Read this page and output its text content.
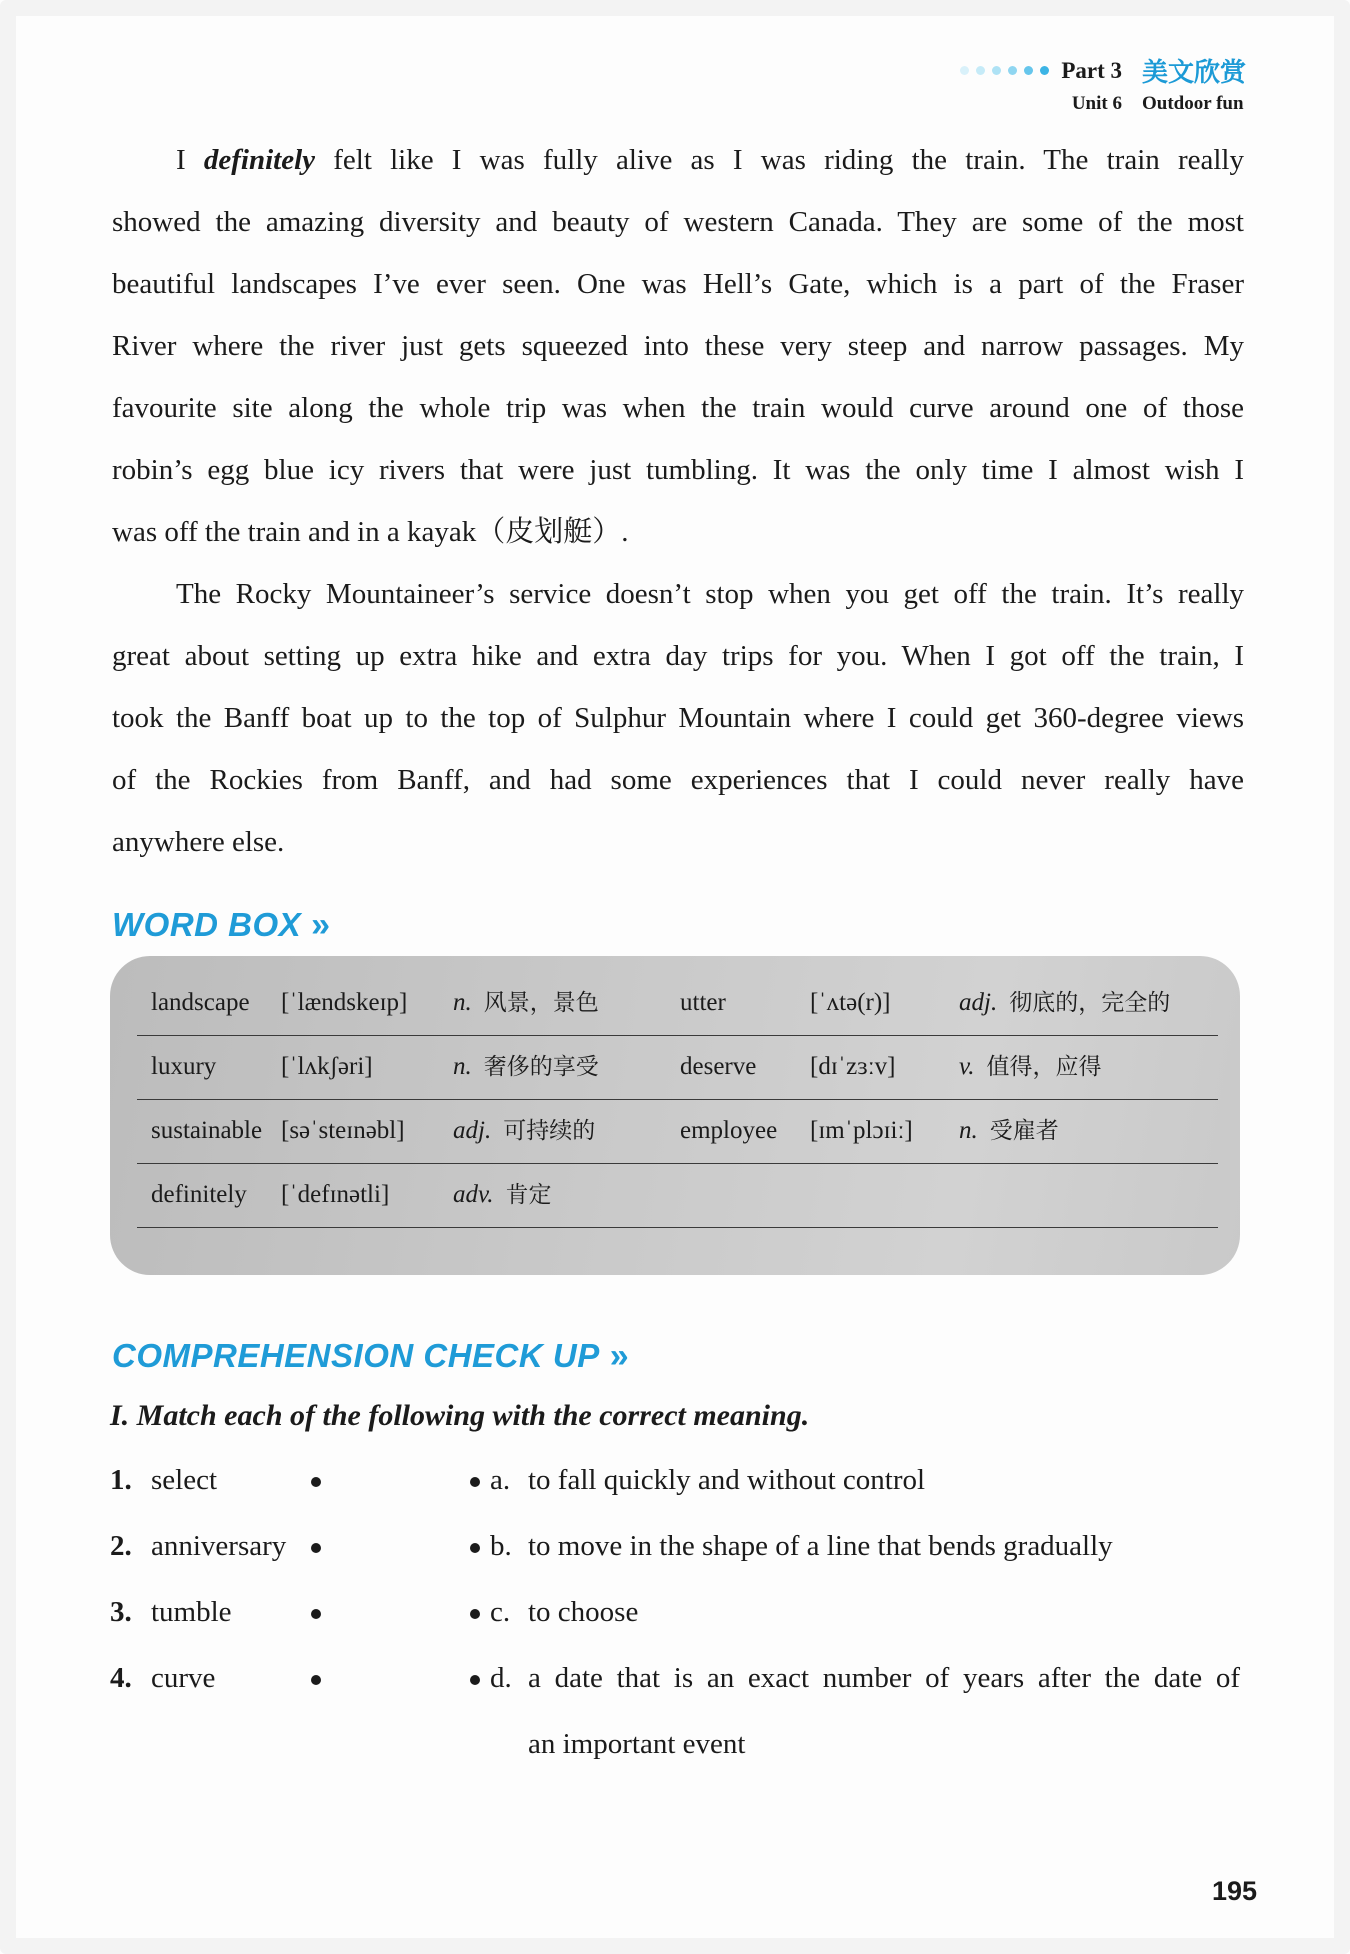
Part 3 美文欣赏
Unit 6 Outdoor fun
I definitely felt like I was fully alive as I was riding the train. The train really
showed the amazing diversity and beauty of western Canada. They are some of the most
beautiful landscapes I’ve ever seen. One was Hell’s Gate, which is a part of the Fraser
River where the river just gets squeezed into these very steep and narrow passages. My
favourite site along the whole trip was when the train would curve around one of those
robin’s egg blue icy rivers that were just tumbling. It was the only time I almost wish I
was off the train and in a kayak（皮划艇）.
The Rocky Mountaineer’s service doesn’t stop when you get off the train. It’s really
great about setting up extra hike and extra day trips for you. When I got off the train, I
took the Banff boat up to the top of Sulphur Mountain where I could get 360-degree views
of the Rockies from Banff, and had some experiences that I could never really have
anywhere else.
WORD BOX »
landscape [ˈlændskeɪp] n. 风景，景色	utter	[ˈʌtə(r)]	adj. 彻底的，完全的
luxury	[ˈlʌkʃəri]	n. 奢侈的享受	deserve [dɪˈzɜːv]	v. 值得，应得
sustainable [səˈsteɪnəbl] adj. 可持续的	employee [ɪmˈplɔɪiː] n. 受雇者
definitely [ˈdefɪnətli]	adv. 肯定
COMPREHENSION CHECK UP »
I. Match each of the following with the correct meaning.
1. select	a. to fall quickly and without control
2. anniversary	b. to move in the shape of a line that bends gradually
3. tumble	c. to choose
4. curve	d. a date that is an exact number of years after the date of
an important event
195
